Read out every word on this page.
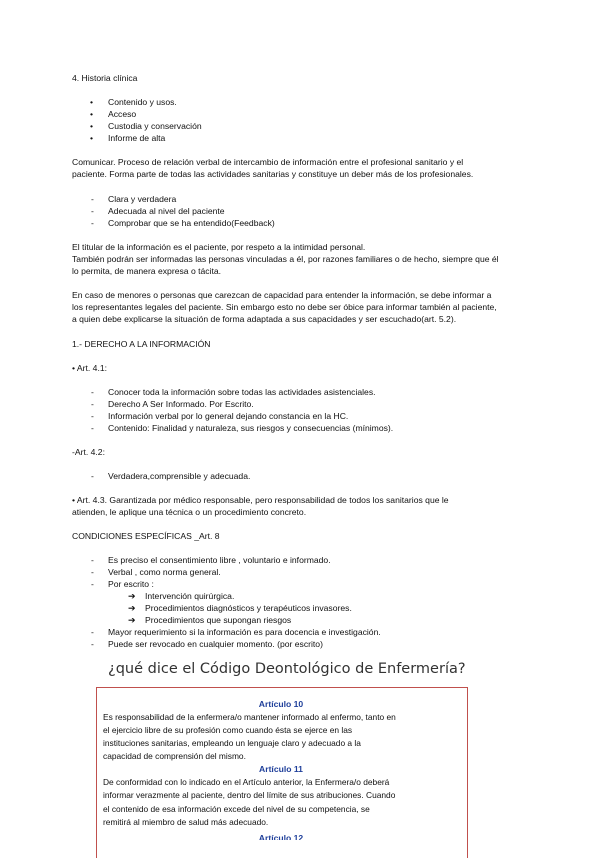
4. Historia clínica
•	Contenido y usos.
•	Acceso
•	Custodia y conservación
•	Informe de alta
Comunicar. Proceso de relación verbal de intercambio de información entre el profesional sanitario y el
paciente. Forma parte de todas las actividades sanitarias y constituye un deber más de los profesionales.
- Clara y verdadera
- Adecuada al nivel del paciente
- Comprobar que se ha entendido(Feedback)
El titular de la información es el paciente, por respeto a la intimidad personal.
También podrán ser informadas las personas vinculadas a él, por razones familiares o de hecho, siempre que él
lo permita, de manera expresa o tácita.
En caso de menores o personas que carezcan de capacidad para entender la información, se debe informar a
los representantes legales del paciente. Sin embargo esto no debe ser óbice para informar también al paciente,
a quien debe explicarse la situación de forma adaptada a sus capacidades y ser escuchado(art. 5.2).
1.- DERECHO A LA INFORMACIÓN
• Art. 4.1:
- Conocer toda la información sobre todas las actividades asistenciales.
- Derecho A Ser Informado. Por Escrito.
- Información verbal por lo general dejando constancia en la HC.
- Contenido: Finalidad y naturaleza, sus riesgos y consecuencias (mínimos).
-Art. 4.2:
- Verdadera,comprensible y adecuada.
• Art. 4.3. Garantizada por médico responsable, pero responsabilidad de todos los sanitarios que le
atienden, le aplique una técnica o un procedimiento concreto.
CONDICIONES ESPECÍFICAS _Art. 8
- Es preciso el consentimiento libre , voluntario e informado.
- Verbal , como norma general.
- Por escrito :
➔ Intervención quirúrgica.
➔ Procedimientos diagnósticos y terapéuticos invasores.
➔ Procedimientos que supongan riesgos
- Mayor requerimiento si la información es para docencia e investigación.
- Puede ser revocado en cualquier momento. (por escrito)
¿qué dice el Código Deontológico de Enfermería?
Artículo 10
Es responsabilidad de la enfermera/o mantener informado al enfermo, tanto en
el ejercicio libre de su profesión como cuando ésta se ejerce en las
instituciones sanitarias, empleando un lenguaje claro y adecuado a la
capacidad de comprensión del mismo.
Artículo 11
De conformidad con lo indicado en el Artículo anterior, la Enfermera/o deberá
informar verazmente al paciente, dentro del límite de sus atribuciones. Cuando
el contenido de esa información excede del nivel de su competencia, se
remitirá al miembro de salud más adecuado.
Artículo 12
